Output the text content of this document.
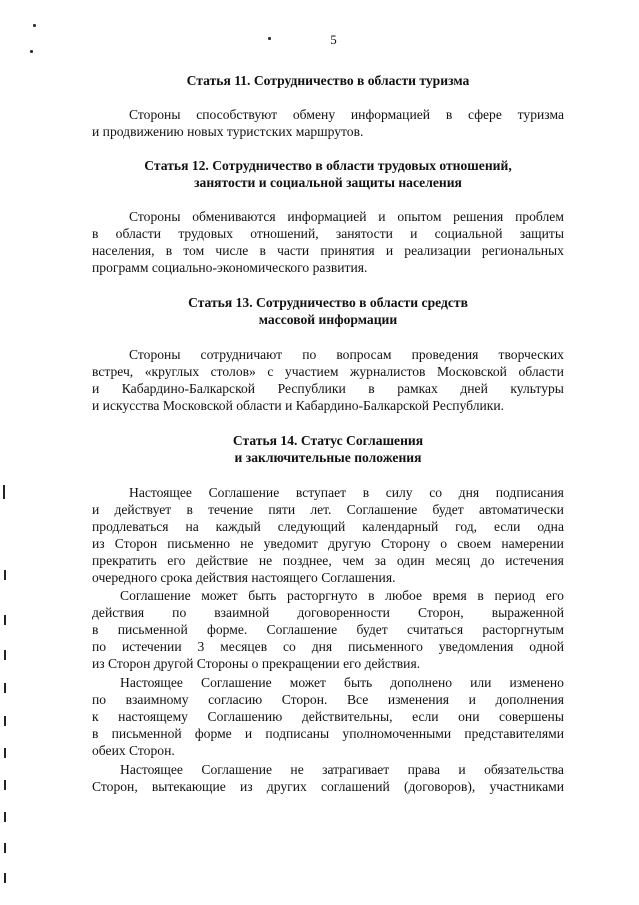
5
Статья 11. Сотрудничество в области туризма
Стороны способствуют обмену информацией в сфере туризма
и продвижению новых туристских маршрутов.
Статья 12. Сотрудничество в области трудовых отношений,
занятости и социальной защиты населения
Стороны обмениваются информацией и опытом решения проблем
в области трудовых отношений, занятости и социальной защиты
населения, в том числе в части принятия и реализации региональных
программ социально-экономического развития.
Статья 13. Сотрудничество в области средств
массовой информации
Стороны сотрудничают по вопросам проведения творческих
встреч, «круглых столов» с участием журналистов Московской области
и Кабардино-Балкарской Республики в рамках дней культуры
и искусства Московской области и Кабардино-Балкарской Республики.
Статья 14. Статус Соглашения
и заключительные положения
Настоящее Соглашение вступает в силу со дня подписания
и действует в течение пяти лет. Соглашение будет автоматически
продлеваться на каждый следующий календарный год, если одна
из Сторон письменно не уведомит другую Сторону о своем намерении
прекратить его действие не позднее, чем за один месяц до истечения
очередного срока действия настоящего Соглашения.
Соглашение может быть расторгнуто в любое время в период его
действия по взаимной договоренности Сторон, выраженной
в письменной форме. Соглашение будет считаться расторгнутым
по истечении 3 месяцев со дня письменного уведомления одной
из Сторон другой Стороны о прекращении его действия.
Настоящее Соглашение может быть дополнено или изменено
по взаимному согласию Сторон. Все изменения и дополнения
к настоящему Соглашению действительны, если они совершены
в письменной форме и подписаны уполномоченными представителями
обеих Сторон.
Настоящее Соглашение не затрагивает права и обязательства
Сторон, вытекающие из других соглашений (договоров), участниками
